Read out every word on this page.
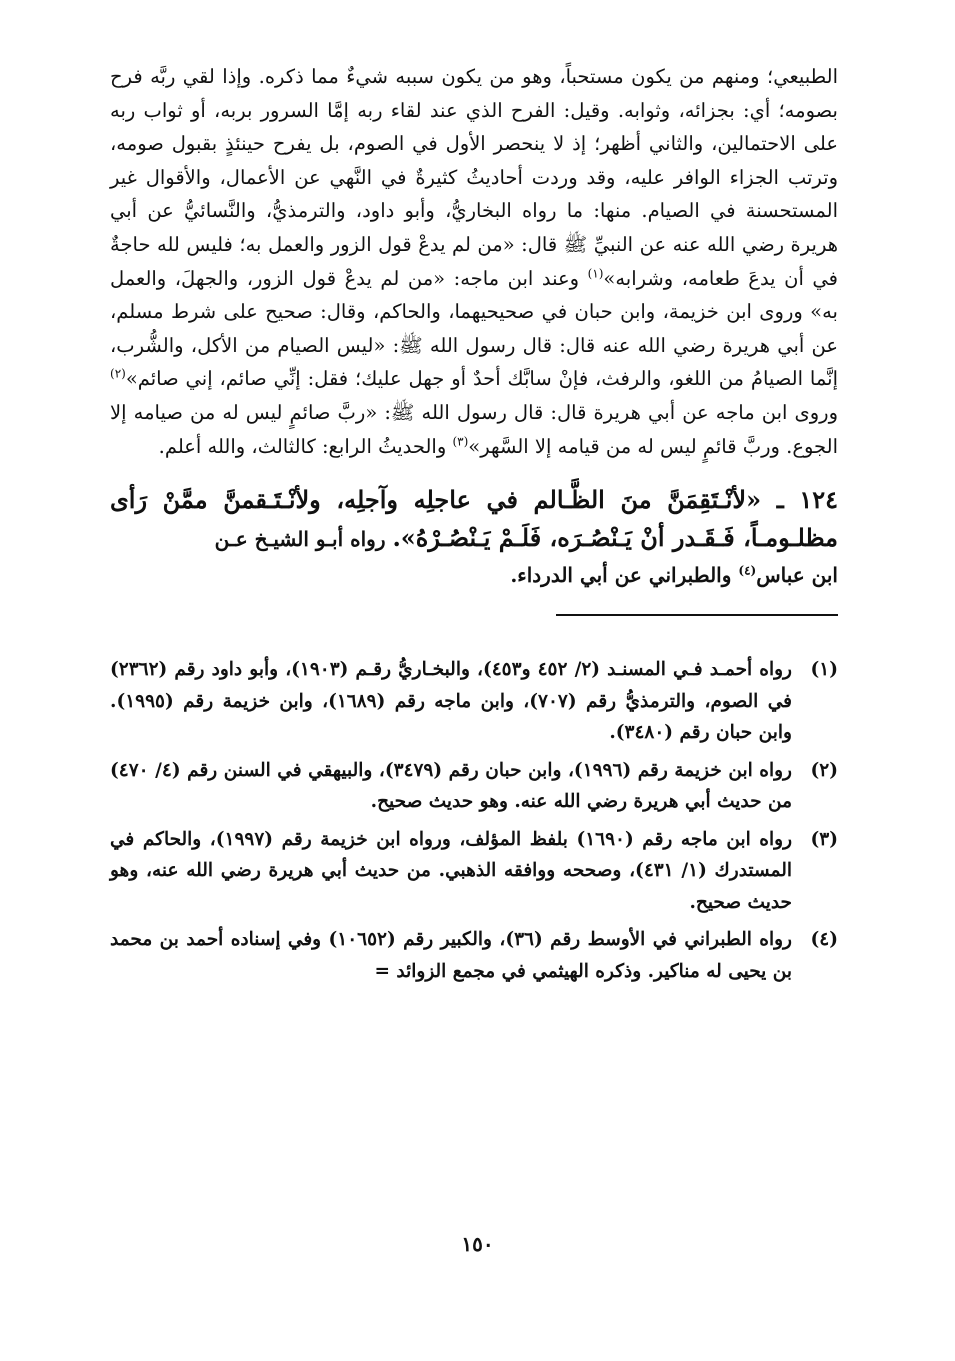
الطبيعي؛ ومنهم من يكون مستحباً، وهو من يكون سببه شيءٌ مما ذكره. وإذا لقي ربَّه فرح بصومه؛ أي: بجزائه، وثوابه. وقيل: الفرح الذي عند لقاء ربه إمَّا السرور بربه، أو ثواب ربه على الاحتمالين، والثاني أظهر؛ إذ لا ينحصر الأول في الصوم، بل يفرح حينئذٍ بقبول صومه، وترتب الجزاء الوافر عليه، وقد وردت أحاديثُ كثيرةٌ في النَّهي عن الأعمال، والأقوال غير المستحسنة في الصيام. منها: ما رواه البخاريُّ، وأبو داود، والترمذيُّ، والنَّسائيُّ عن أبي هريرة رضي الله عنه عن النبيِّ ﷺ قال: «من لم يدعْ قول الزور والعمل به؛ فليس لله حاجةٌ في أن يدعَ طعامه، وشرابه»$^{(١)}$ وعند ابن ماجه: «من لم يدعْ قول الزور، والجهلَ، والعمل به» وروى ابن خزيمة، وابن حبان في صحيحيهما، والحاكم، وقال: صحيح على شرط مسلم، عن أبي هريرة رضي الله عنه قال: قال رسول الله ﷺ: «ليس الصيام من الأكل، والشُّرب، إنَّما الصيامُ من اللغو، والرفث، فإنْ سابَّك أحدٌ أو جهل عليك؛ فقل: إنِّي صائم، إني صائم»$^{(٢)}$ وروى ابن ماجه عن أبي هريرة قال: قال رسول الله ﷺ: «ربَّ صائمٍ ليس له من صيامه إلا الجوع. وربَّ قائمٍ ليس له من قيامه إلا السَّهر»$^{(٣)}$ والحديثُ الرابع: كالثالث، والله أعلم.

١٢٤ ـ «لأنْـتَقِمَنَّ منَ الظَّـالم في عاجلِه وآجلِه، ولأنْـتَـقمنَّ ممَّنْ رَأى مظلـومـاً، فَـقَـدر أنْ يَـنْصُـرَه، فَلَـمْ يَـنْصُـرْهُ». رواه أبـو الشيـخ عـن
ابن عباس$^{(٤)}$ والطبراني عن أبي الدرداء.
(١)
رواه أحمـد فـي المسنـد (٢/ ٤٥٢ و٤٥٣)، والبخـاريُّ رقـم (١٩٠٣)، وأبو داود رقم (٢٣٦٢) في الصوم، والترمذيُّ رقم (٧٠٧)، وابن ماجه رقم (١٦٨٩)، وابن خزيمة رقم (١٩٩٥). وابن حبان رقم (٣٤٨٠).
(٢)
رواه ابن خزيمة رقم (١٩٩٦)، وابن حبان رقم (٣٤٧٩)، والبيهقي في السنن رقم (٤/ ٤٧٠) من حديث أبي هريرة رضي الله عنه. وهو حديث صحيح.
(٣)
رواه ابن ماجه رقم (١٦٩٠) بلفظ المؤلف، ورواه ابن خزيمة رقم (١٩٩٧)، والحاكم في المستدرك (١/ ٤٣١)، وصححه ووافقه الذهبي. من حديث أبي هريرة رضي الله عنه، وهو حديث صحيح.
(٤)
رواه الطبراني في الأوسط رقم (٣٦)، والكبير رقم (١٠٦٥٢) وفي إسناده أحمد بن محمد بن يحيى له مناكير. وذكره الهيثمي في مجمع الزوائد =
١٥٠
